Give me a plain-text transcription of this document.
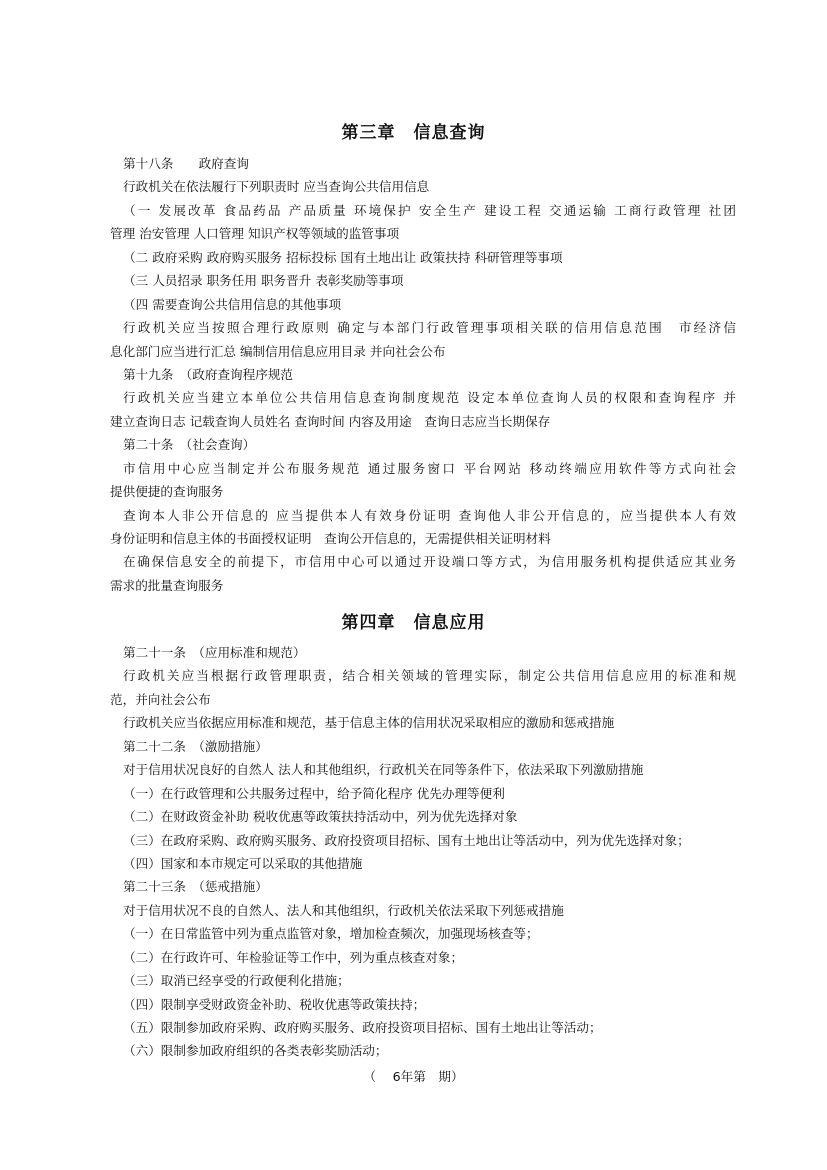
第三章　信息查询
第十八条　　政府查询
行政机关在依法履行下列职责时 应当查询公共信用信息
（一 发展改革 食品药品 产品质量 环境保护 安全生产 建设工程 交通运输 工商行政管理 社团
管理 治安管理 人口管理 知识产权等领域的监管事项
（二 政府采购 政府购买服务 招标投标 国有土地出让 政策扶持 科研管理等事项
（三 人员招录 职务任用 职务晋升 表彰奖励等事项
（四 需要查询公共信用信息的其他事项
行政机关应当按照合理行政原则 确定与本部门行政管理事项相关联的信用信息范围　市经济信
息化部门应当进行汇总 编制信用信息应用目录 并向社会公布
第十九条　（政府查询程序规范
行政机关应当建立本单位公共信用信息查询制度规范 设定本单位查询人员的权限和查询程序 并
建立查询日志 记载查询人员姓名 查询时间 内容及用途　查询日志应当长期保存
第二十条　（社会查询）
市信用中心应当制定并公布服务规范 通过服务窗口 平台网站 移动终端应用软件等方式向社会
提供便捷的查询服务
查询本人非公开信息的 应当提供本人有效身份证明 查询他人非公开信息的，应当提供本人有效
身份证明和信息主体的书面授权证明　查询公开信息的，无需提供相关证明材料
在确保信息安全的前提下，市信用中心可以通过开设端口等方式，为信用服务机构提供适应其业务
需求的批量查询服务
第四章　信息应用
第二十一条　（应用标准和规范）
行政机关应当根据行政管理职责，结合相关领域的管理实际，制定公共信用信息应用的标准和规
范，并向社会公布
行政机关应当依据应用标准和规范，基于信息主体的信用状况采取相应的激励和惩戒措施
第二十二条　（激励措施）
对于信用状况良好的自然人 法人和其他组织，行政机关在同等条件下，依法采取下列激励措施
（一）在行政管理和公共服务过程中，给予简化程序 优先办理等便利
（二）在财政资金补助 税收优惠等政策扶持活动中，列为优先选择对象
（三）在政府采购、政府购买服务、政府投资项目招标、国有土地出让等活动中，列为优先选择对象；
（四）国家和本市规定可以采取的其他措施
第二十三条　（惩戒措施）
对于信用状况不良的自然人、法人和其他组织，行政机关依法采取下列惩戒措施
（一）在日常监管中列为重点监管对象，增加检查频次，加强现场核查等；
（二）在行政许可、年检验证等工作中，列为重点核查对象；
（三）取消已经享受的行政便利化措施；
（四）限制享受财政资金补助、税收优惠等政策扶持；
（五）限制参加政府采购、政府购买服务、政府投资项目招标、国有土地出让等活动；
（六）限制参加政府组织的各类表彰奖励活动；
（　 6年第　期）
